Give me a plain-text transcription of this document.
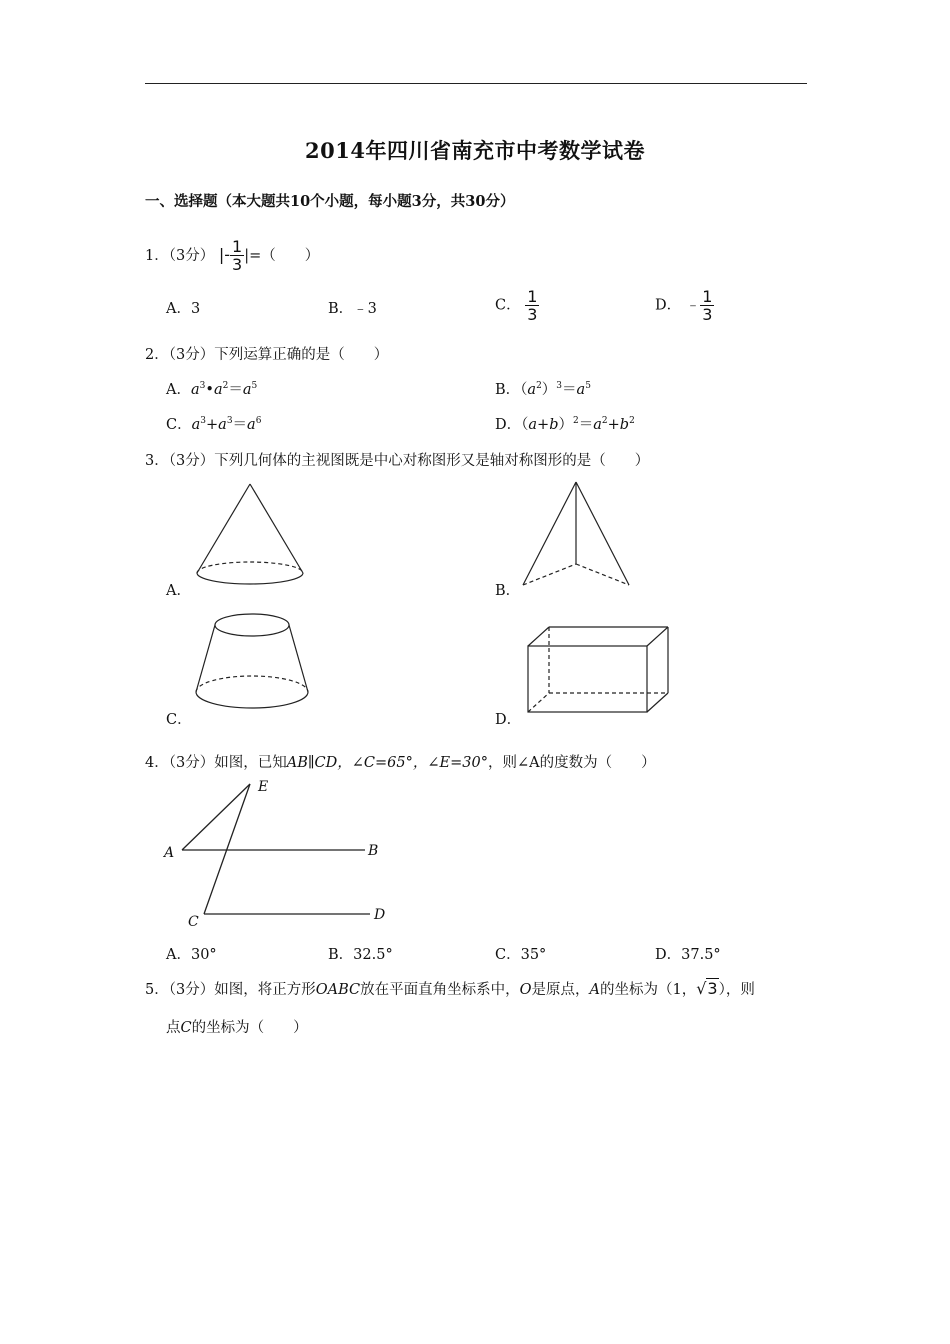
2014年四川省南充市中考数学试卷
一、选择题（本大题共10个小题，每小题3分，共30分）
1．（3分） |- $\frac{1}{3}$ |=（　　）
A．3	B．﹣3	C． $\frac{1}{3}$	D． ﹣ $\frac{1}{3}$
2．（3分）下列运算正确的是（　　）
A．$a^3•a^2=a^5$	B．$(a^2)^3=a^5$
C．$a^3+a^3=a^6$	D．$(a+b)^2=a^2+b^2$
3．（3分）下列几何体的主视图既是中心对称图形又是轴对称图形的是（　　）
A．	B．
C．	D．
4．（3分）如图，已知AB∥CD，∠C=65°，∠E=30°，则∠A的度数为（　　）
E
A	B
C	D
A．30°	B．32.5°	C．35°	D．37.5°
5．（3分）如图，将正方形OABC放在平面直角坐标系中，O是原点，A的坐标为（1，√3），则
点C的坐标为（　　）
